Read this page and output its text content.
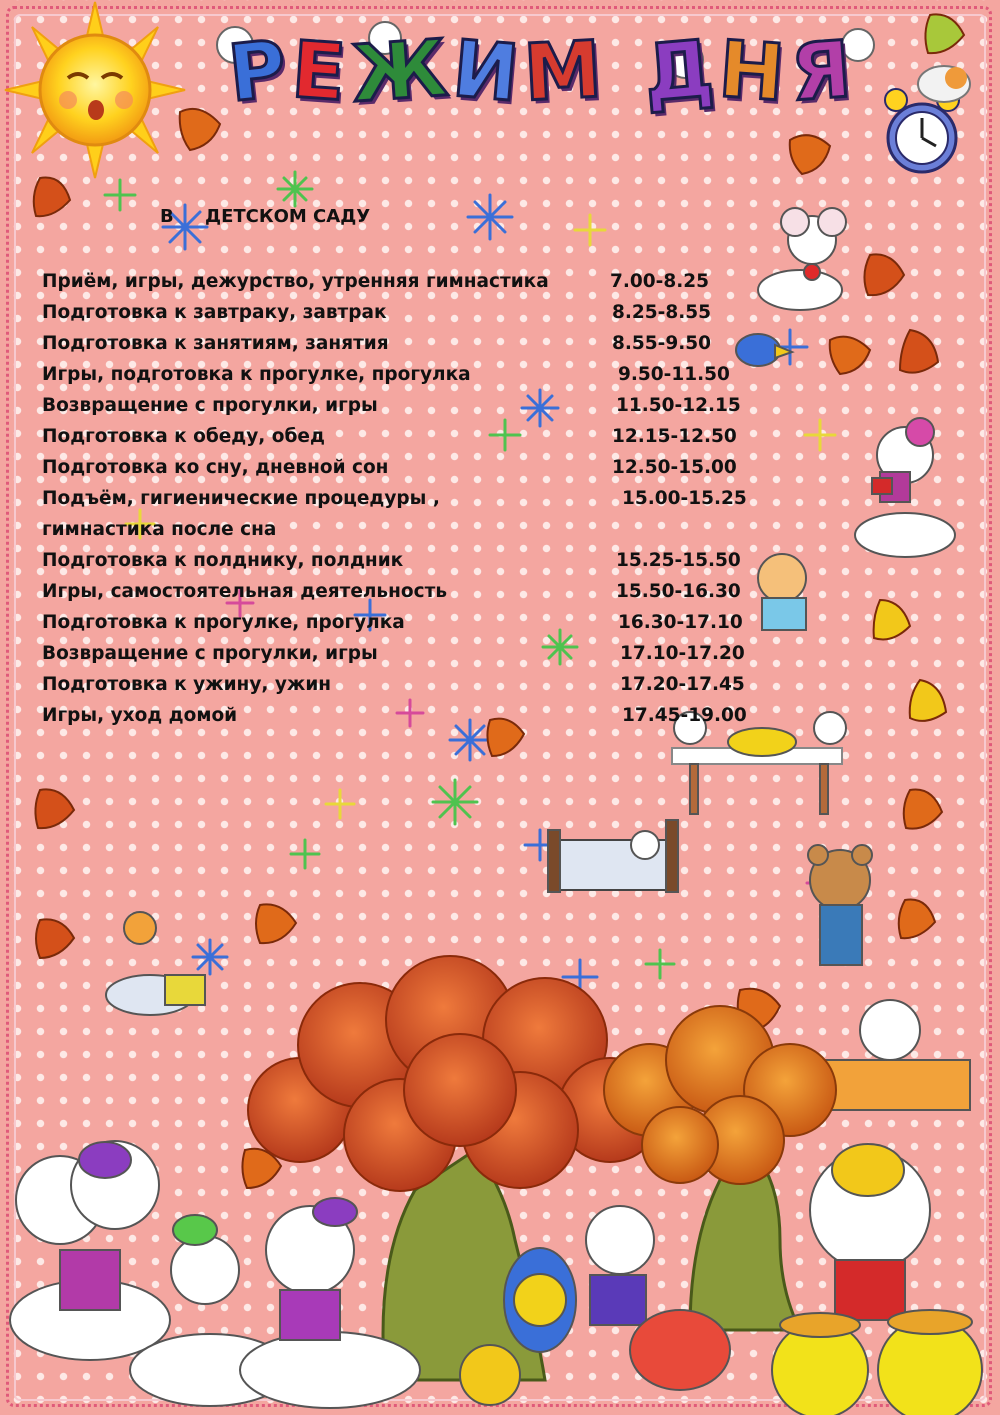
Р
Е Ж И М Д Н Я

В     ДЕТСКОМ САДУ

Приём, игры, дежурство, утренняя гимнастика	7.00-8.25
Подготовка к завтраку, завтрак	8.25-8.55
Подготовка к занятиям, занятия	8.55-9.50
Игры, подготовка к прогулке, прогулка	9.50-11.50
Возвращение с прогулки, игры	11.50-12.15
Подготовка к обеду, обед	12.15-12.50
Подготовка ко сну, дневной сон	12.50-15.00
Подъём, гигиенические процедуры ,
гимнастика после сна
15.00-15.25
Подготовка к полднику, полдник	15.25-15.50
Игры, самостоятельная деятельность	15.50-16.30
Подготовка к прогулке, прогулка	16.30-17.10
Возвращение с прогулки, игры	17.10-17.20
Подготовка к ужину, ужин	17.20-17.45
Игры, уход домой	17.45-19.00
